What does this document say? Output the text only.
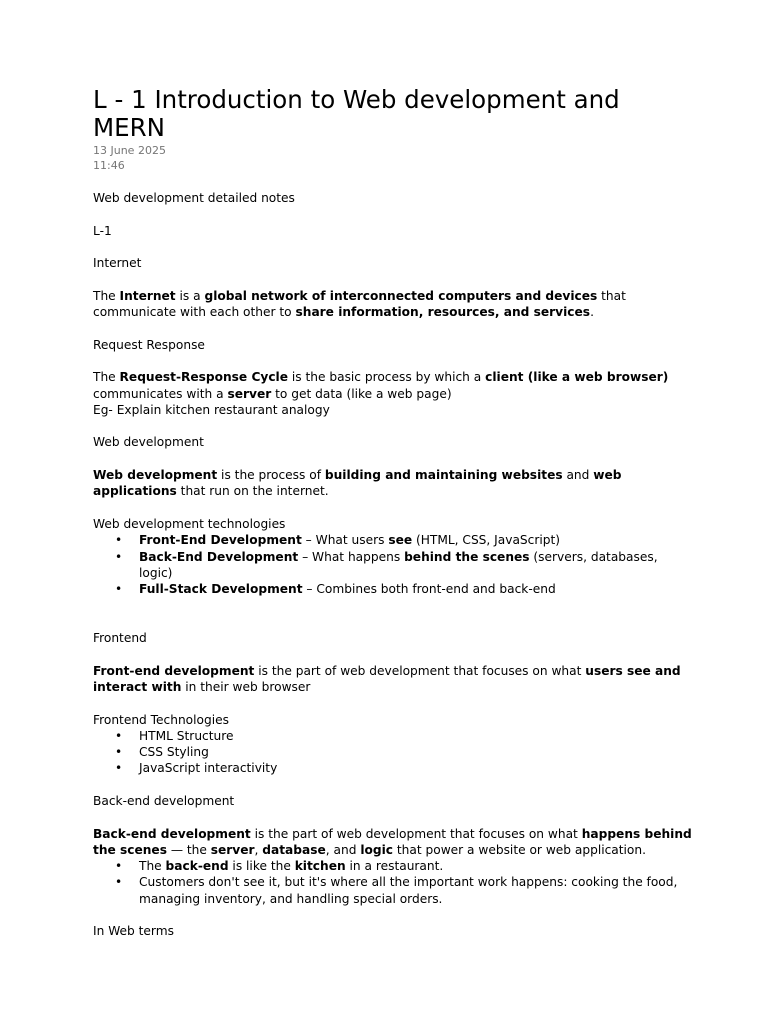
L - 1 Introduction to Web development and MERN
13 June 2025
11:46

Web development detailed notes

L-1

Internet

The Internet is a global network of interconnected computers and devices that communicate with each other to share information, resources, and services.

Request Response

The Request-Response Cycle is the basic process by which a client (like a web browser) communicates with a server to get data (like a web page)

Eg- Explain kitchen restaurant analogy

Web development

Web development is the process of building and maintaining websites and web applications that run on the internet.

Web development technologies

• Front-End Development – What users see (HTML, CSS, JavaScript)
• Back-End Development – What happens behind the scenes (servers, databases, logic)
• Full-Stack Development – Combines both front-end and back-end

Frontend

Front-end development is the part of web development that focuses on what users see and interact with in their web browser

Frontend Technologies

• HTML Structure
• CSS Styling
• JavaScript interactivity

Back-end development

Back-end development is the part of web development that focuses on what happens behind the scenes — the server, database, and logic that power a website or web application.

• The back-end is like the kitchen in a restaurant.
• Customers don't see it, but it's where all the important work happens: cooking the food, managing inventory, and handling special orders.

In Web terms
